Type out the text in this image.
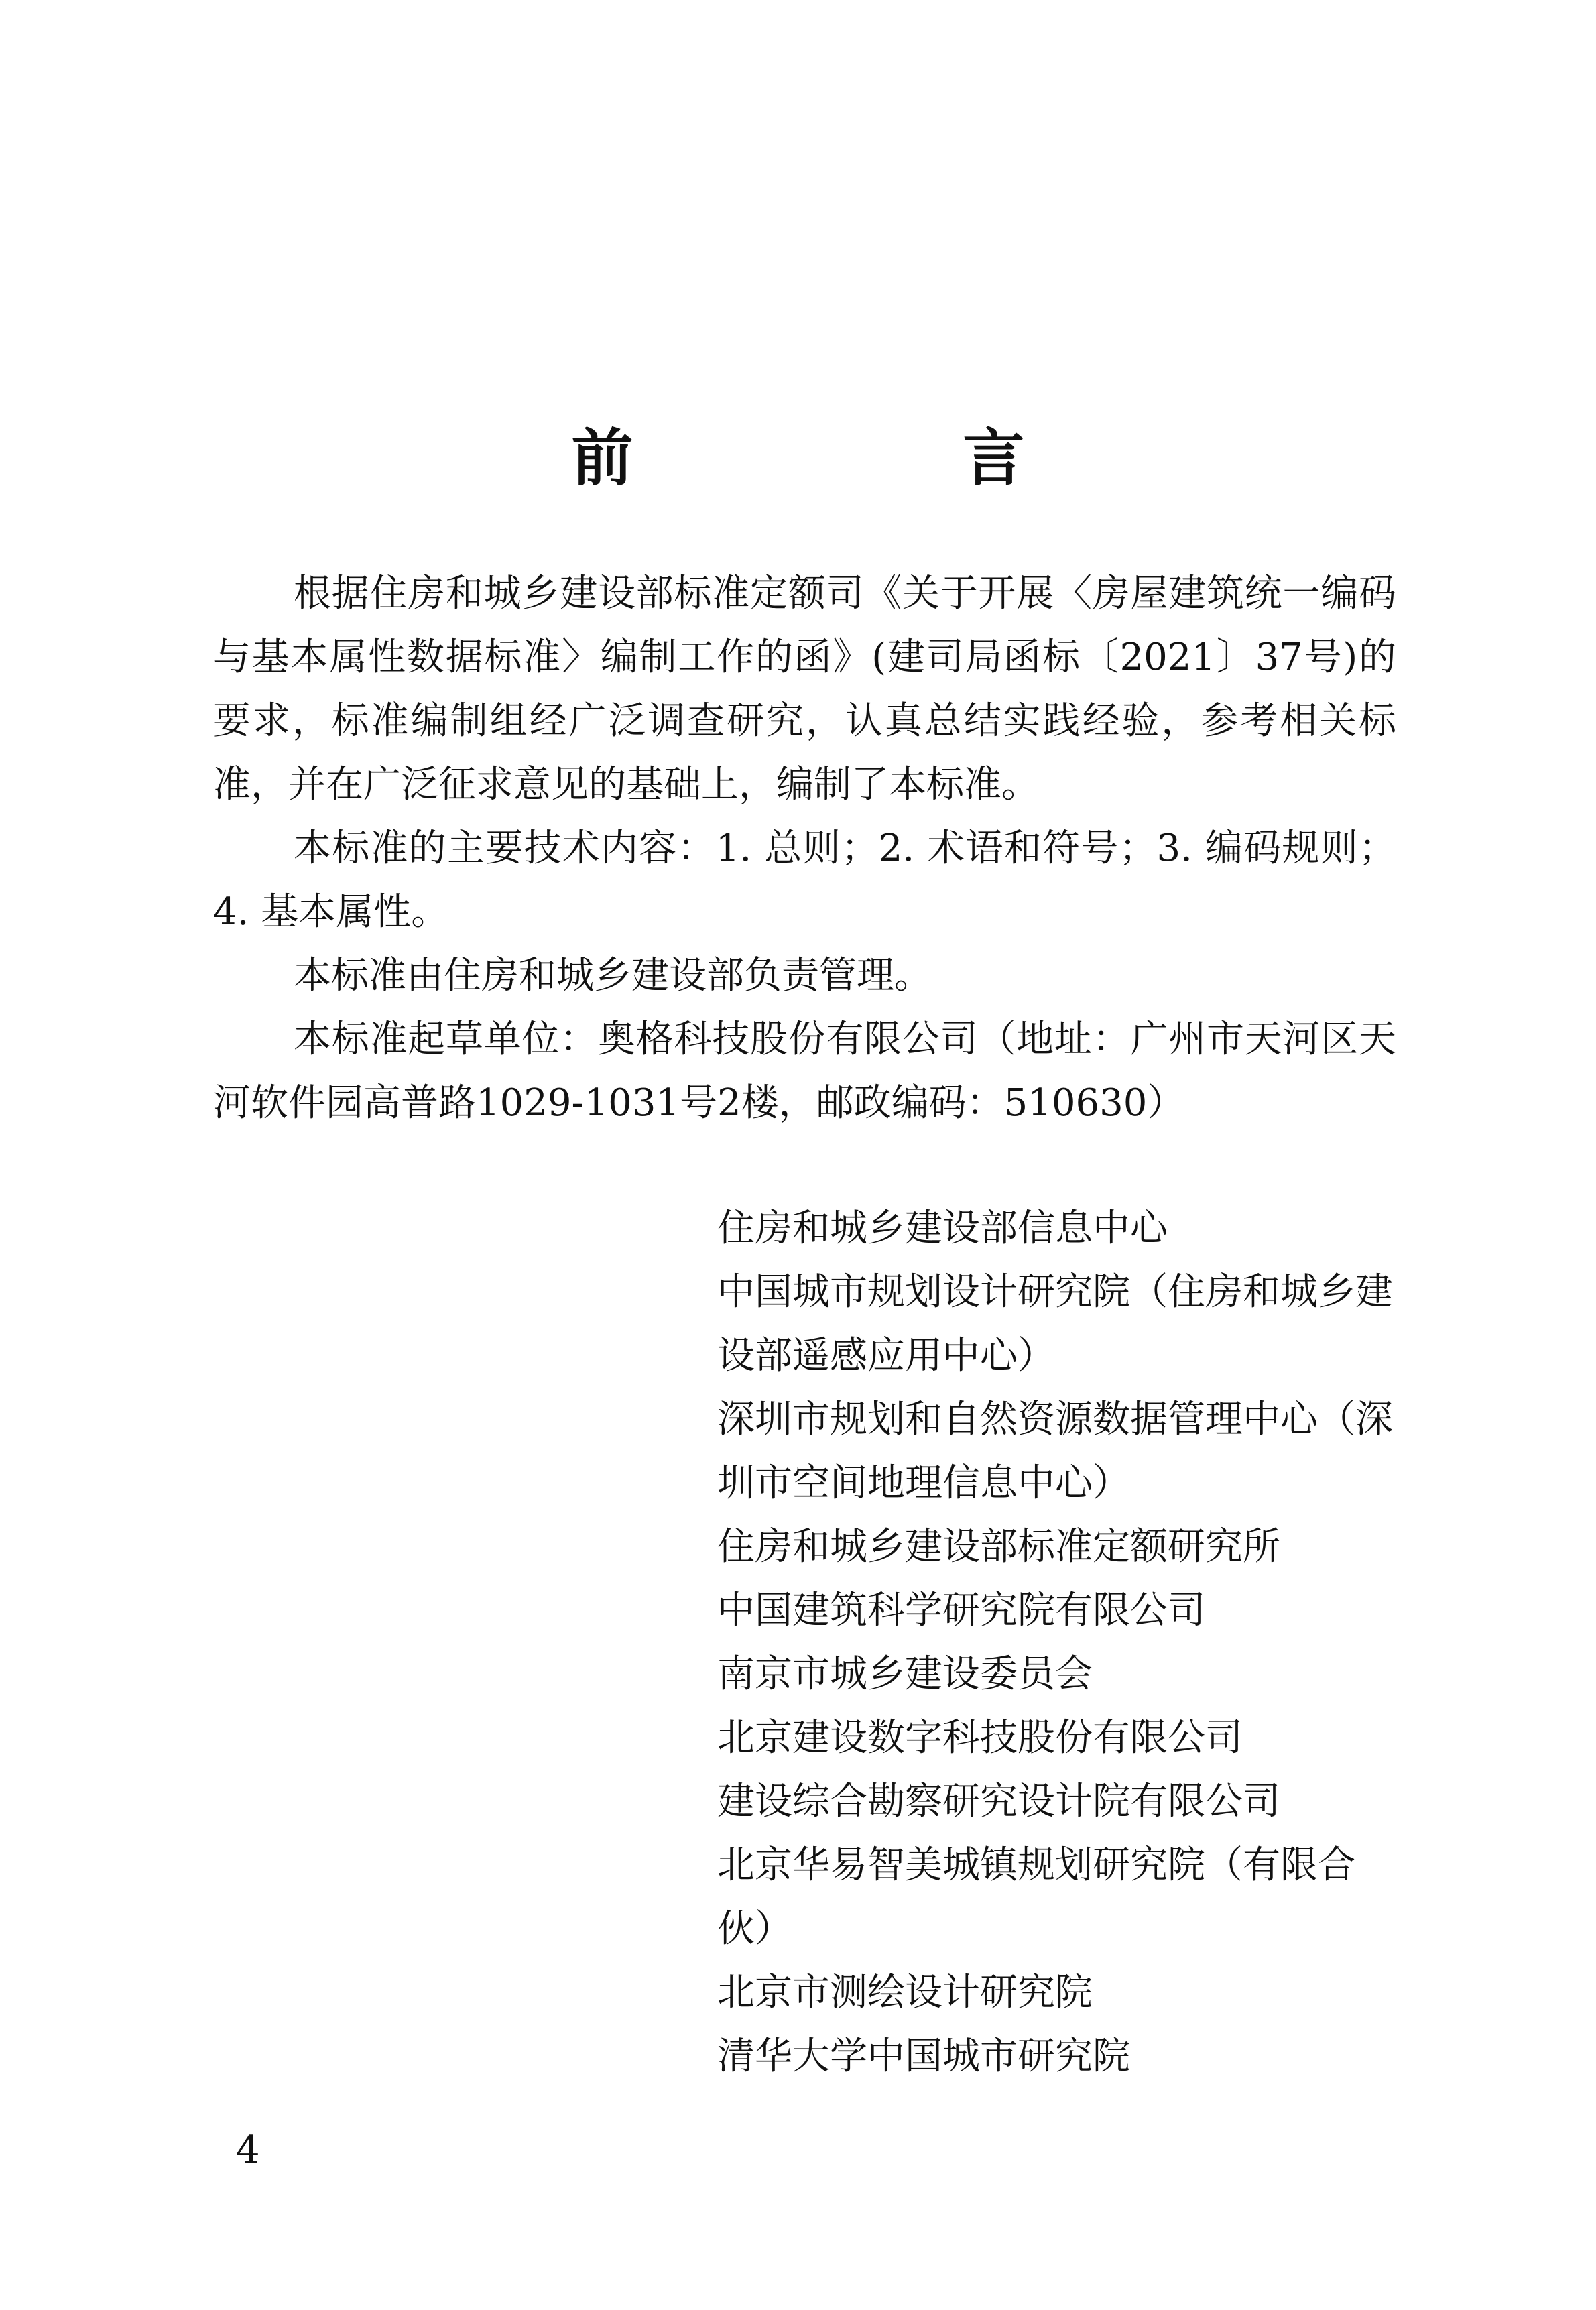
前　言

根据住房和城乡建设部标准定额司《关于开展〈房屋建筑统一编码与基本属性数据标准〉编制工作的函》(建司局函标〔2021〕37号)的要求，标准编制组经广泛调查研究，认真总结实践经验，参考相关标准，并在广泛征求意见的基础上，编制了本标准。

本标准的主要技术内容：1. 总则；2. 术语和符号；3. 编码规则；4. 基本属性。

本标准由住房和城乡建设部负责管理。

本标准起草单位：奥格科技股份有限公司（地址：广州市天河区天河软件园高普路1029-1031号2楼，邮政编码：510630）

住房和城乡建设部信息中心
中国城市规划设计研究院（住房和城乡建设部遥感应用中心）
深圳市规划和自然资源数据管理中心（深圳市空间地理信息中心）
住房和城乡建设部标准定额研究所
中国建筑科学研究院有限公司
南京市城乡建设委员会
北京建设数字科技股份有限公司
建设综合勘察研究设计院有限公司
北京华易智美城镇规划研究院（有限合伙）
北京市测绘设计研究院
清华大学中国城市研究院
4
